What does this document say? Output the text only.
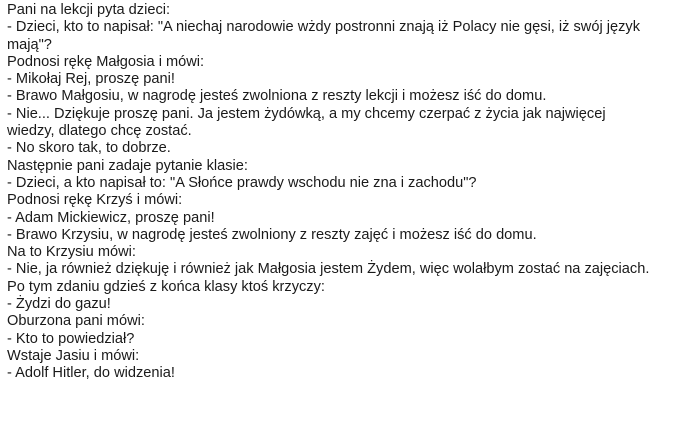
Pani na lekcji pyta dzieci:
- Dzieci, kto to napisał: "A niechaj narodowie wżdy postronni znają iż Polacy nie gęsi, iż swój język
mają"?
Podnosi rękę Małgosia i mówi:
- Mikołaj Rej, proszę pani!
- Brawo Małgosiu, w nagrodę jesteś zwolniona z reszty lekcji i możesz iść do domu.
- Nie... Dziękuje proszę pani. Ja jestem żydówką, a my chcemy czerpać z życia jak najwięcej
wiedzy, dlatego chcę zostać.
- No skoro tak, to dobrze.
Następnie pani zadaje pytanie klasie:
- Dzieci, a kto napisał to: "A Słońce prawdy wschodu nie zna i zachodu"?
Podnosi rękę Krzyś i mówi:
- Adam Mickiewicz, proszę pani!
- Brawo Krzysiu, w nagrodę jesteś zwolniony z reszty zajęć i możesz iść do domu.
Na to Krzysiu mówi:
- Nie, ja również dziękuję i również jak Małgosia jestem Żydem, więc wolałbym zostać na zajęciach.
Po tym zdaniu gdzieś z końca klasy ktoś krzyczy:
- Żydzi do gazu!
Oburzona pani mówi:
- Kto to powiedział?
Wstaje Jasiu i mówi:
- Adolf Hitler, do widzenia!
